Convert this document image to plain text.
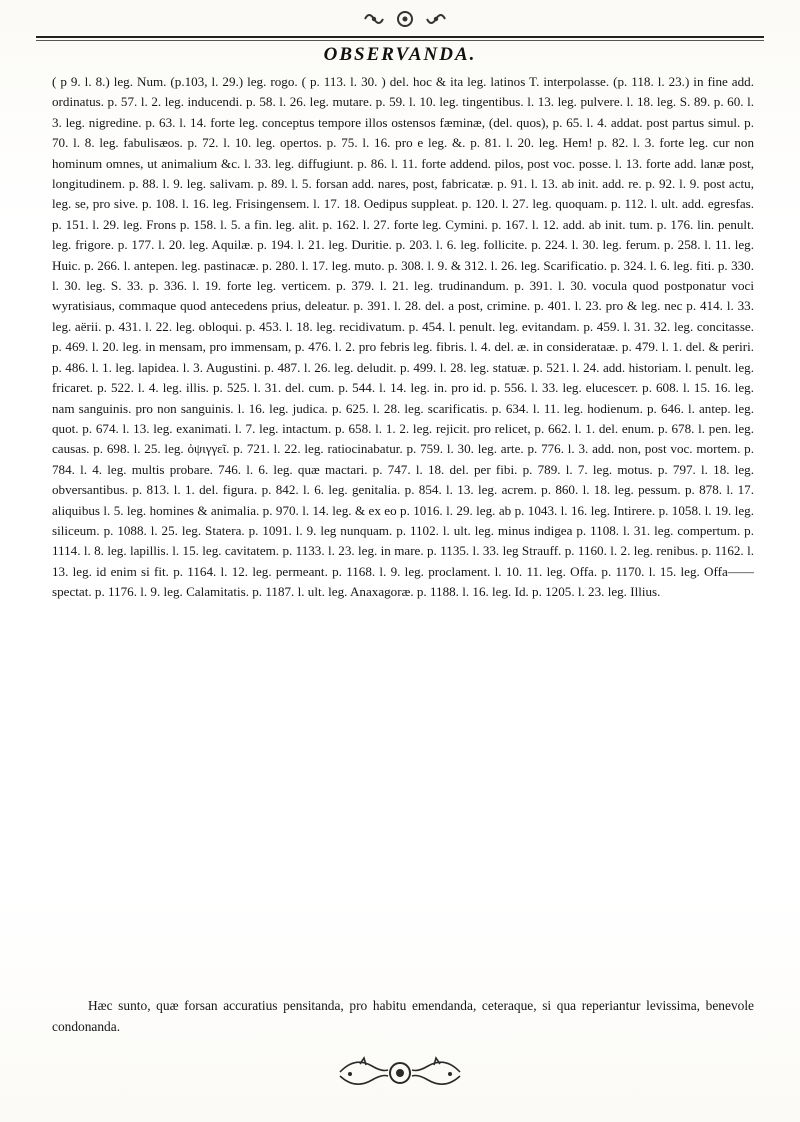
OBSERVANDA.
( p 9. l. 8.) leg. Num. (p.103, l. 29.) leg. rogo. ( p. 113. l. 30. ) del. hoc & ita leg. latinos T. interpolasse. (p. 118. l. 23.) in fine add. ordinatus. p. 57. l. 2. leg. inducendi. p. 58. l. 26. leg. mutare. p. 59. l. 10. leg. tingentibus. l. 13. leg. pulvere. l. 18. leg. S. 89. p. 60. l. 3. leg. nigredine. p. 63. l. 14. forte leg. conceptus tempore illos ostensos fæminæ, (del. quos), p. 65. l. 4. addat. post partus simul. p. 70. l. 8. leg. fabulisæos. p. 72. l. 10. leg. opertos. p. 75. l. 16. pro e leg. &. p. 81. l. 20. leg. Hem! p. 82. l. 3. forte leg. cur non hominum omnes, ut animalium &c. l. 33. leg. diffugiunt. p. 86. l. 11. forte addend. pilos, post voc. posse. l. 13. forte add. lanæ post, longitudinem. p. 88. l. 9. leg. salivam. p. 89. l. 5. forsan add. nares, post, fabricatæ. p. 91. l. 13. ab init. add. re. p. 92. l. 9. post actu, leg. se, pro sive. p. 108. l. 16. leg. Frisingensem. l. 17. 18. Oedipus suppleat. p. 120. l. 27. leg. quoquam. p. 112. l. ult. add. egresfas. p. 151. l. 29. leg. Frons p. 158. l. 5. a fin. leg. alit. p. 162. l. 27. forte leg. Cymini. p. 167. l. 12. add. ab init. tum. p. 176. lin. penult. leg. frigore. p. 177. l. 20. leg. Aquilæ. p. 194. l. 21. leg. Duritie. p. 203. l. 6. leg. follicite. p. 224. l. 30. leg. ferum. p. 258. l. 11. leg. Huic. p. 266. l. antepen. leg. pastinacæ. p. 280. l. 17. leg. muto. p. 308. l. 9. & 312. l. 26. leg. Scarificatio. p. 324. l. 6. leg. fiti. p. 330. l. 30. leg. S. 33. p. 336. l. 19. forte leg. verticem. p. 379. l. 21. leg. trudinandum. p. 391. l. 30. vocula quod postponatur voci wyratisiaus, commaque quod antecedens prius, deleatur. p. 391. l. 28. del. a post, crimine. p. 401. l. 23. pro & leg. nec p. 414. l. 33. leg. aërii. p. 431. l. 22. leg. obloqui. p. 453. l. 18. leg. recidivatum. p. 454. l. penult. leg. evitandam. p. 459. l. 31. 32. leg. concitasse. p. 469. l. 20. leg. in mensam, pro immensam, p. 476. l. 2. pro febris leg. fibris. l. 4. del. æ. in considerataæ. p. 479. l. 1. del. & periri. p. 486. l. 1. leg. lapidea. l. 3. Augustini. p. 487. l. 26. leg. deludit. p. 499. l. 28. leg. statuæ. p. 521. l. 24. add. historiam. l. penult. leg. fricaret. p. 522. l. 4. leg. illis. p. 525. l. 31. del. cum. p. 544. l. 14. leg. in. pro id. p. 556. l. 33. leg. elucesceт. p. 608. l. 15. 16. leg. nam sanguinis. pro non sanguinis. l. 16. leg. judica. p. 625. l. 28. leg. scarificatis. p. 634. l. 11. leg. hodienum. p. 646. l. antep. leg. quot. p. 674. l. 13. leg. exanimati. l. 7. leg. intactum. p. 658. l. 1. 2. leg. rejicit. pro relicet, p. 662. l. 1. del. enum. p. 678. l. pen. leg. causas. p. 698. l. 25. leg. ὀψιγγεῖ. p. 721. l. 22. leg. ratiocinabatur. p. 759. l. 30. leg. arte. p. 776. l. 3. add. non, post voc. mortem. p. 784. l. 4. leg. multis probare. 746. l. 6. leg. quæ mactari. p. 747. l. 18. del. per fibi. p. 789. l. 7. leg. motus. p. 797. l. 18. leg. obversantibus. p. 813. l. 1. del. figura. p. 842. l. 6. leg. genitalia. p. 854. l. 13. leg. acrem. p. 860. l. 18. leg. pessum. p. 878. l. 17. aliquibus l. 5. leg. homines & animalia. p. 970. l. 14. leg. & ex eo p. 1016. l. 29. leg. ab p. 1043. l. 16. leg. Intirere. p. 1058. l. 19. leg. siliceum. p. 1088. l. 25. leg. Statera. p. 1091. l. 9. leg nunquam. p. 1102. l. ult. leg. minus indigea p. 1108. l. 31. leg. compertum. p. 1114. l. 8. leg. lapillis. l. 15. leg. cavitatem. p. 1133. l. 23. leg. in mare. p. 1135. l. 33. leg Strauff. p. 1160. l. 2. leg. renibus. p. 1162. l. 13. leg. id enim si fit. p. 1164. l. 12. leg. permeant. p. 1168. l. 9. leg. proclament. l. 10. 11. leg. Offa. p. 1170. l. 15. leg. Offa——spectat. p. 1176. l. 9. leg. Calamitatis. p. 1187. l. ult. leg. Anaxagoræ. p. 1188. l. 16. leg. Id. p. 1205. l. 23. leg. Illius.
Hæc sunto, quæ forsan accuratius pensitanda, pro habitu emendanda, ceteraque, si qua reperiantur levissima, benevole condonanda.
